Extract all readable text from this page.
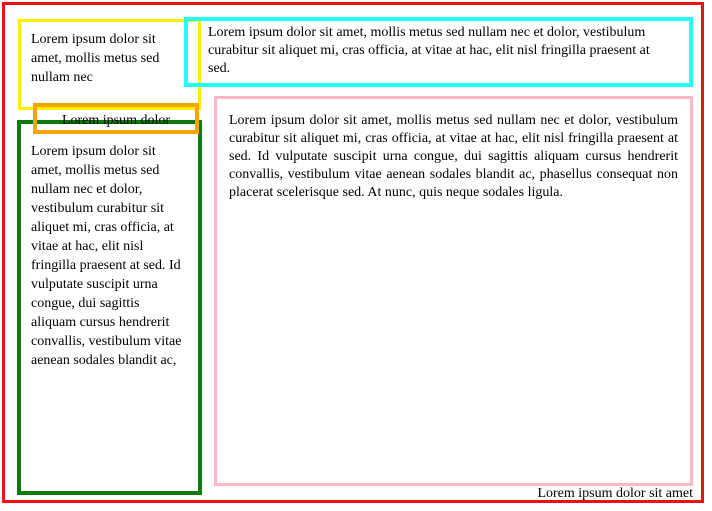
Lorem ipsum dolor sit amet, mollis metus sed nullam nec et dolor, vestibulum curabitur sit aliquet mi, cras officia, at vitae at hac, elit nisl fringilla praesent at sed. Id vulputate suscipit urna congue, dui sagittis aliquam cursus hendrerit convallis, vestibulum vitae aenean sodales blandit ac,
Lorem ipsum dolor sit amet, mollis metus sed nullam nec
Lorem ipsum dolor
Lorem ipsum dolor sit amet, mollis metus sed nullam nec et dolor, vestibulum curabitur sit aliquet mi, cras officia, at vitae at hac, elit nisl fringilla praesent at sed.
Lorem ipsum dolor sit amet, mollis metus sed nullam nec et dolor, vestibulum curabitur sit aliquet mi, cras officia, at vitae at hac, elit nisl fringilla praesent at sed. Id vulputate suscipit urna congue, dui sagittis aliquam cursus hendrerit convallis, vestibulum vitae aenean sodales blandit ac, phasellus consequat non placerat scelerisque sed. At nunc, quis neque sodales ligula.
Lorem ipsum dolor sit amet
